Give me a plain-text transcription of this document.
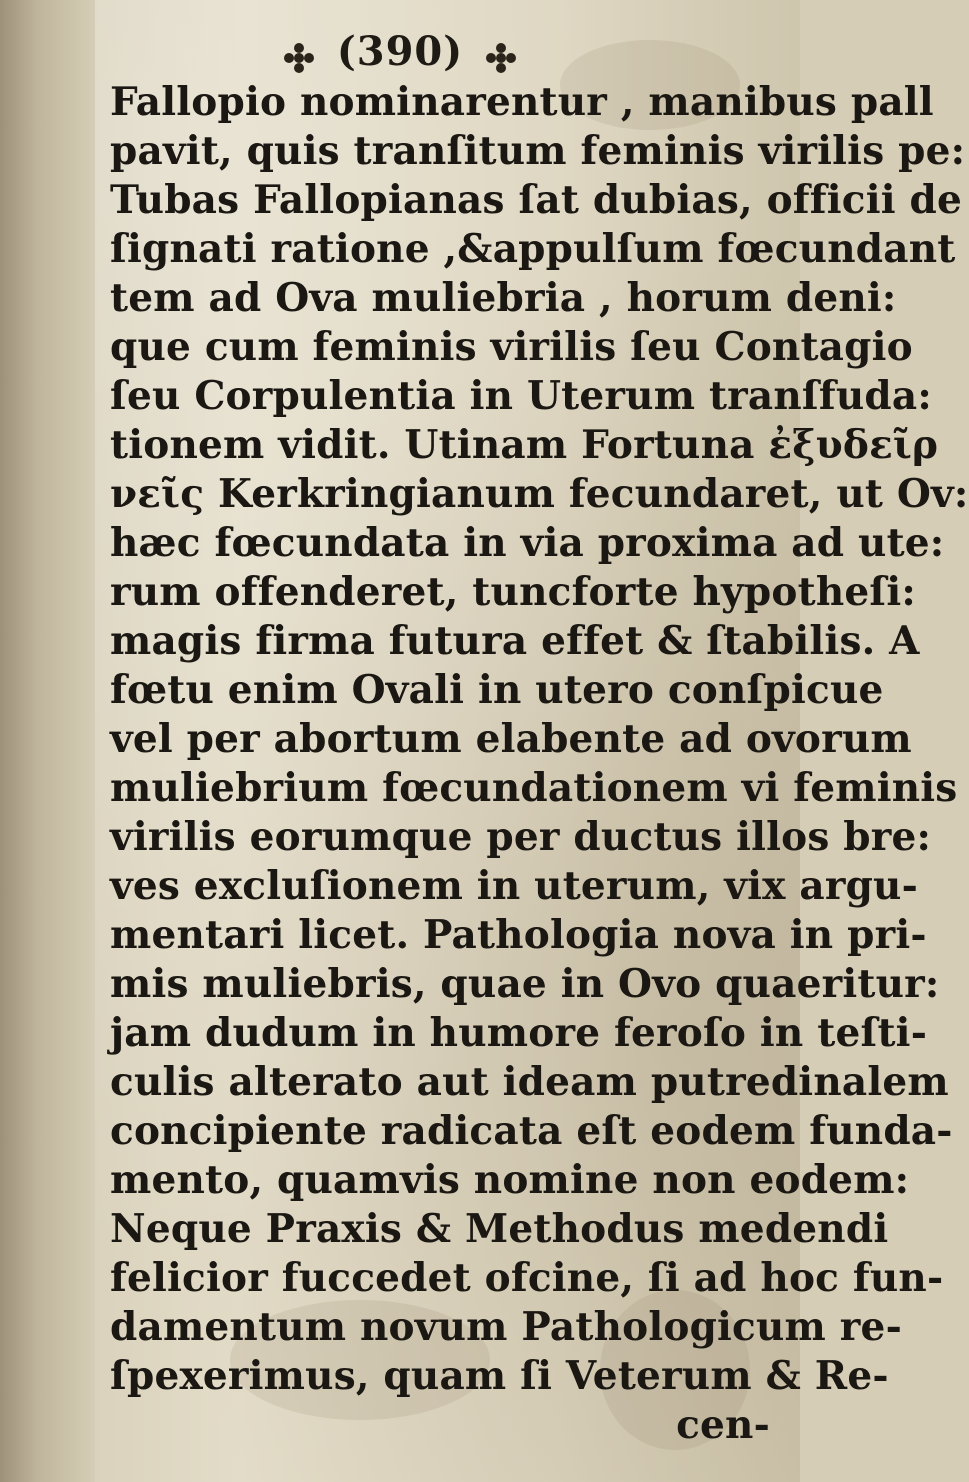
(390)
Fallopio nominarentur , manibus pall
pavit, quis tranſitum feminis virilis pe:
Tubas Fallopianas ſat dubias, officii de
ſignati ratione ,&appulſum fœcundant
tem ad Ova muliebria , horum deni:
que cum feminis virilis ſeu Contagio
ſeu Corpulentia in Uterum tranſfuda:
tionem vidit. Utinam Fortuna ἐξυδεῖρ
νεῖς Kerkringianum fecundaret, ut Ov:
hæc fœcundata in via proxima ad ute:
rum offenderet, tuncforte hypotheſi:
magis firma futura effet & ſtabilis. A
fœtu enim Ovali in utero conſpicue
vel per abortum elabente ad ovorum
muliebrium fœcundationem vi feminis
virilis eorumque per ductus illos bre:
ves excluſionem in uterum, vix argu-
mentari licet. Pathologia nova in pri-
mis muliebris, quae in Ovo quaeritur:
jam dudum in humore feroſo in teſti-
culis alterato aut ideam putredinalem
concipiente radicata eſt eodem funda-
mento, quamvis nomine non eodem:
Neque Praxis & Methodus medendi
felicior fuccedet ofcine, ſi ad hoc fun-
damentum novum Pathologicum re-
ſpexerimus, quam ſi Veterum & Re-
cen-
